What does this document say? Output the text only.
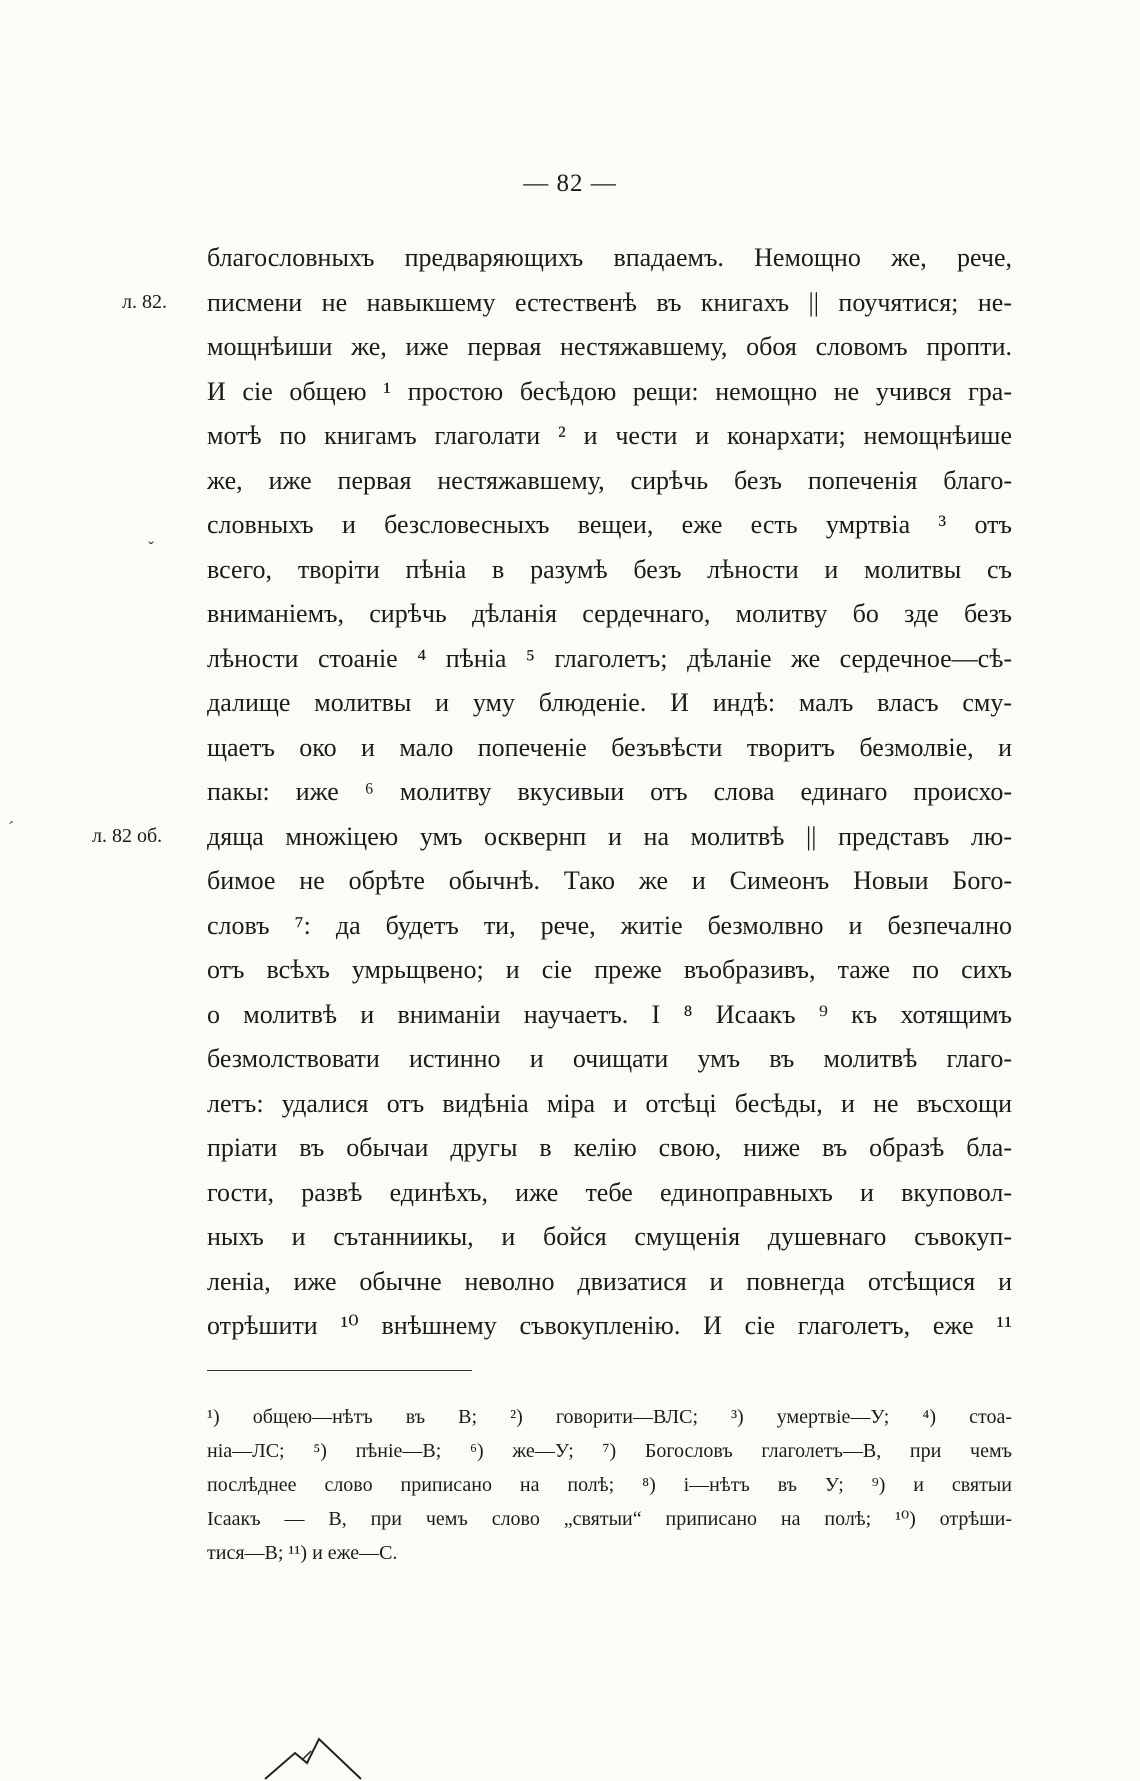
— 82 —
л. 82.
л. 82 об.
ˇ
ˊ
благословныхъ предваряющихъ впадаемъ. Немощно же, рече,
писмени не навыкшему естественѣ въ книгахъ || поучятися; не-
мощнѣиши же, иже первая нестяжавшему, обоя словомъ пропти.
И сіе общею ¹ простою бесѣдою рещи: немощно не учився гра-
мотѣ по книгамъ глаголати ² и чести и конархати; немощнѣише
же, иже первая нестяжавшему, сирѣчь безъ попеченія благо-
словныхъ и безсловесныхъ вещеи, еже есть умртвіа ³ отъ
всего, творіти пѣніа в разумѣ безъ лѣности и молитвы съ
вниманіемъ, сирѣчь дѣланія сердечнаго, молитву бо зде безъ
лѣности стоаніе ⁴ пѣніа ⁵ глаголетъ; дѣланіе же сердечное—сѣ-
далище молитвы и уму блюденіе. И индѣ: малъ власъ сму-
щаетъ око и мало попеченіе безъвѣсти творитъ безмолвіе, и
пакы: иже ⁶ молитву вкусивыи отъ слова единаго происхо-
дяща множіцею умъ осквернп и на молитвѣ || представъ лю-
бимое не обрѣте обычнѣ. Тако же и Симеонъ Новыи Бого-
словъ ⁷: да будетъ ти, рече, житіе безмолвно и безпечално
отъ всѣхъ умрьщвено; и сіе преже въобразивъ, таже по сихъ
о молитвѣ и вниманіи научаетъ. I ⁸ Исаакъ ⁹ къ хотящимъ
безмолствовати истинно и очищати умъ въ молитвѣ глаго-
летъ: удалися отъ видѣніа міра и отсѣці бесѣды, и не въсхощи
пріати въ обычаи другы в келію свою, ниже въ образѣ бла-
гости, развѣ единѣхъ, иже тебе единоправныхъ и вкуповол-
ныхъ и сътанниикы, и бойся смущенія душевнаго съвокуп-
леніа, иже обычне неволно двизатися и повнегда отсѣщися и
отрѣшити ¹⁰ внѣшнему съвокупленію. И сіе глаголетъ, еже ¹¹
¹) общею—нѣтъ въ В; ²) говорити—ВЛС; ³) умертвіе—У; ⁴) стоа-
ніа—ЛС; ⁵) пѣніе—В; ⁶) же—У; ⁷) Богословъ глаголетъ—В, при чемъ
послѣднее слово приписано на полѣ; ⁸) і—нѣтъ въ У; ⁹) и святыи
Ісаакъ — В, при чемъ слово „святыи“ приписано на полѣ; ¹⁰) отрѣши-
тися—В; ¹¹) и еже—С.
